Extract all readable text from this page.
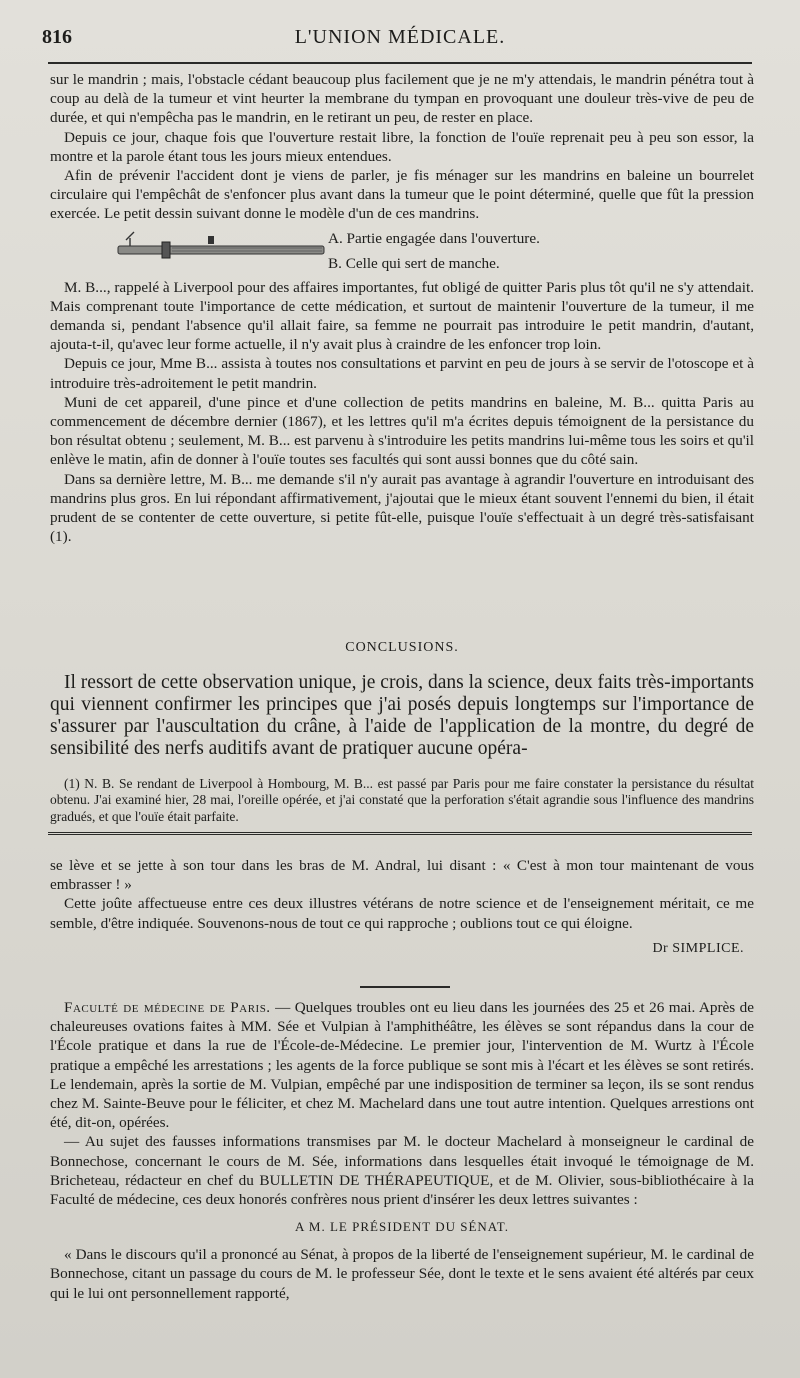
816	L'UNION MÉDICALE.

sur le mandrin ; mais, l'obstacle cédant beaucoup plus facilement que je ne m'y attendais, le mandrin pénétra tout à coup au delà de la tumeur et vint heurter la membrane du tympan en provoquant une douleur très-vive de peu de durée, et qui n'empêcha pas le mandrin, en le retirant un peu, de rester en place.

Depuis ce jour, chaque fois que l'ouverture restait libre, la fonction de l'ouïe reprenait peu à peu son essor, la montre et la parole étant tous les jours mieux entendues.

Afin de prévenir l'accident dont je viens de parler, je fis ménager sur les mandrins en baleine un bourrelet circulaire qui l'empêchât de s'enfoncer plus avant dans la tumeur que le point déterminé, quelle que fût la pression exercée. Le petit dessin suivant donne le modèle d'un de ces mandrins.

A. Partie engagée dans l'ouverture.
B. Celle qui sert de manche.

M. B..., rappelé à Liverpool pour des affaires importantes, fut obligé de quitter Paris plus tôt qu'il ne s'y attendait. Mais comprenant toute l'importance de cette médication, et surtout de maintenir l'ouverture de la tumeur, il me demanda si, pendant l'absence qu'il allait faire, sa femme ne pourrait pas introduire le petit mandrin, d'autant, ajouta-t-il, qu'avec leur forme actuelle, il n'y avait plus à craindre de les enfoncer trop loin.

Depuis ce jour, Mme B... assista à toutes nos consultations et parvint en peu de jours à se servir de l'otoscope et à introduire très-adroitement le petit mandrin.

Muni de cet appareil, d'une pince et d'une collection de petits mandrins en baleine, M. B... quitta Paris au commencement de décembre dernier (1867), et les lettres qu'il m'a écrites depuis témoignent de la persistance du bon résultat obtenu ; seulement, M. B... est parvenu à s'introduire les petits mandrins lui-même tous les soirs et qu'il enlève le matin, afin de donner à l'ouïe toutes ses facultés qui sont aussi bonnes que du côté sain.

Dans sa dernière lettre, M. B... me demande s'il n'y aurait pas avantage à agrandir l'ouverture en introduisant des mandrins plus gros. En lui répondant affirmativement, j'ajoutai que le mieux étant souvent l'ennemi du bien, il était prudent de se contenter de cette ouverture, si petite fût-elle, puisque l'ouïe s'effectuait à un degré très-satisfaisant (1).

CONCLUSIONS.

Il ressort de cette observation unique, je crois, dans la science, deux faits très-importants qui viennent confirmer les principes que j'ai posés depuis longtemps sur l'importance de s'assurer par l'auscultation du crâne, à l'aide de l'application de la montre, du degré de sensibilité des nerfs auditifs avant de pratiquer aucune opéra-

(1) N. B. Se rendant de Liverpool à Hombourg, M. B... est passé par Paris pour me faire constater la persistance du résultat obtenu. J'ai examiné hier, 28 mai, l'oreille opérée, et j'ai constaté que la perforation s'était agrandie sous l'influence des mandrins gradués, et que l'ouïe était parfaite.

se lève et se jette à son tour dans les bras de M. Andral, lui disant : « C'est à mon tour maintenant de vous embrasser ! »

Cette joûte affectueuse entre ces deux illustres vétérans de notre science et de l'enseignement méritait, ce me semble, d'être indiquée. Souvenons-nous de tout ce qui rapproche ; oublions tout ce qui éloigne.

Dr SIMPLICE.

Faculté de médecine de Paris. — Quelques troubles ont eu lieu dans les journées des 25 et 26 mai. Après de chaleureuses ovations faites à MM. Sée et Vulpian à l'amphithéâtre, les élèves se sont répandus dans la cour de l'École pratique et dans la rue de l'École-de-Médecine. Le premier jour, l'intervention de M. Wurtz à l'École pratique a empêché les arrestations ; les agents de la force publique se sont mis à l'écart et les élèves se sont retirés. Le lendemain, après la sortie de M. Vulpian, empêché par une indisposition de terminer sa leçon, ils se sont rendus chez M. Sainte-Beuve pour le féliciter, et chez M. Machelard dans une tout autre intention. Quelques arrestions ont été, dit-on, opérées.

— Au sujet des fausses informations transmises par M. le docteur Machelard à monseigneur le cardinal de Bonnechose, concernant le cours de M. Sée, informations dans lesquelles était invoqué le témoignage de M. Bricheteau, rédacteur en chef du BULLETIN DE THÉRAPEUTIQUE, et de M. Olivier, sous-bibliothécaire à la Faculté de médecine, ces deux honorés confrères nous prient d'insérer les deux lettres suivantes :

A M. LE PRÉSIDENT DU SÉNAT.

« Dans le discours qu'il a prononcé au Sénat, à propos de la liberté de l'enseignement supérieur, M. le cardinal de Bonnechose, citant un passage du cours de M. le professeur Sée, dont le texte et le sens avaient été altérés par ceux qui le lui ont personnellement rapporté,
